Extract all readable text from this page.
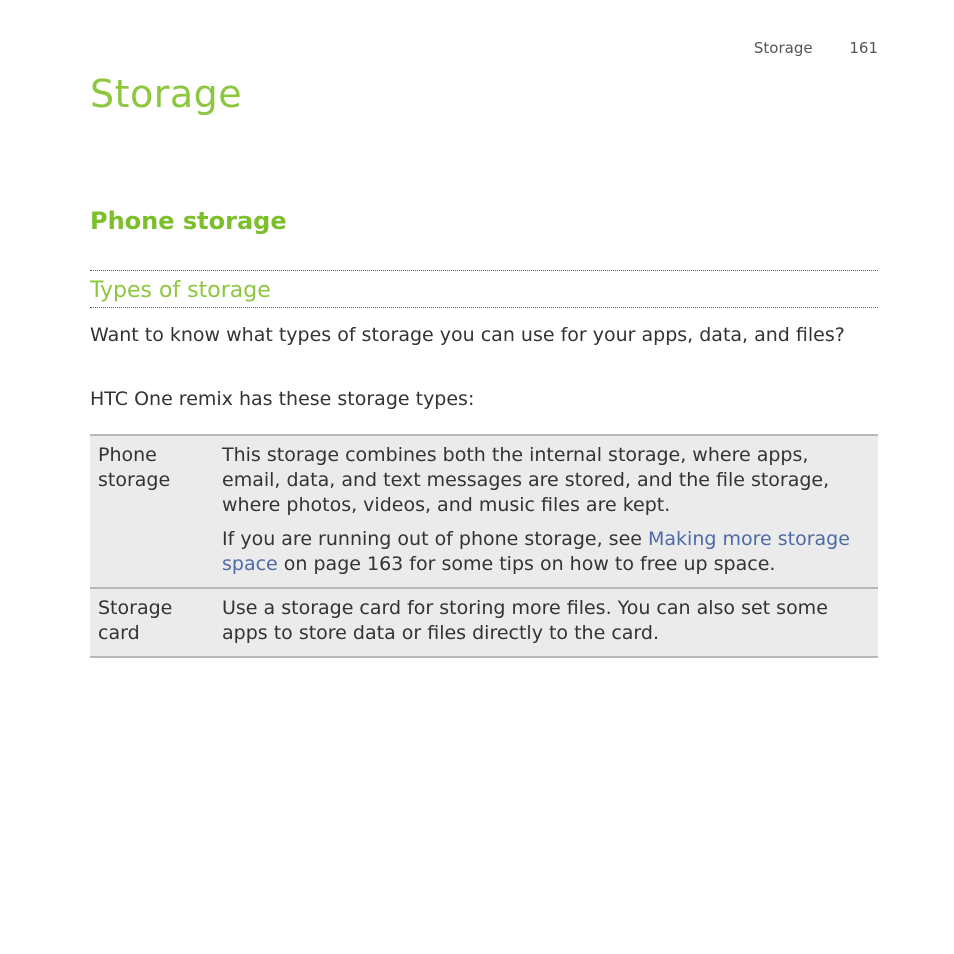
Storage 161
Storage
Phone storage
Types of storage

Want to know what types of storage you can use for your apps, data, and files?

HTC One remix has these storage types:

Phone storage	This storage combines both the internal storage, where apps, email, data, and text messages are stored, and the file storage, where photos, videos, and music files are kept.

If you are running out of phone storage, see Making more storage space on page 163 for some tips on how to free up space.

Storage card	Use a storage card for storing more files. You can also set some apps to store data or files directly to the card.
